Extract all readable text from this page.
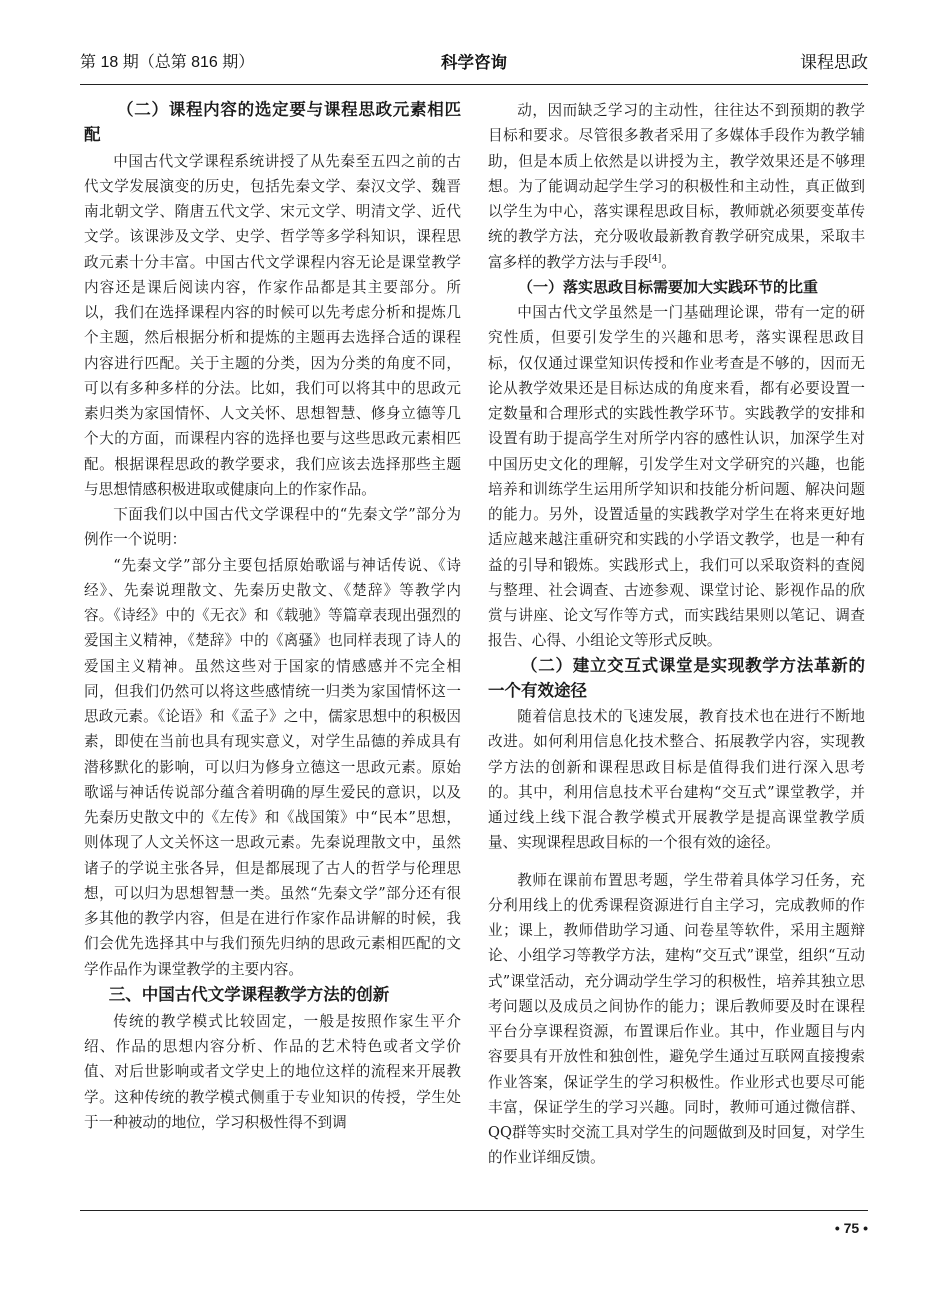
第 18 期（总第 816 期）	科学咨询	课程思政
（二）课程内容的选定要与课程思政元素相匹配

中国古代文学课程系统讲授了从先秦至五四之前的古代文学发展演变的历史，包括先秦文学、秦汉文学、魏晋南北朝文学、隋唐五代文学、宋元文学、明清文学、近代文学。该课涉及文学、史学、哲学等多学科知识，课程思政元素十分丰富。中国古代文学课程内容无论是课堂教学内容还是课后阅读内容，作家作品都是其主要部分。所以，我们在选择课程内容的时候可以先考虑分析和提炼几个主题，然后根据分析和提炼的主题再去选择合适的课程内容进行匹配。关于主题的分类，因为分类的角度不同，可以有多种多样的分法。比如，我们可以将其中的思政元素归类为家国情怀、人文关怀、思想智慧、修身立德等几个大的方面，而课程内容的选择也要与这些思政元素相匹配。根据课程思政的教学要求，我们应该去选择那些主题与思想情感积极进取或健康向上的作家作品。

下面我们以中国古代文学课程中的“先秦文学”部分为例作一个说明：

“先秦文学”部分主要包括原始歌谣与神话传说、《诗经》、先秦说理散文、先秦历史散文、《楚辞》等教学内容。《诗经》中的《无衣》和《载驰》等篇章表现出强烈的爱国主义精神，《楚辞》中的《离骚》也同样表现了诗人的爱国主义精神。虽然这些对于国家的情感感并不完全相同，但我们仍然可以将这些感情统一归类为家国情怀这一思政元素。《论语》和《孟子》之中，儒家思想中的积极因素，即使在当前也具有现实意义，对学生品德的养成具有潜移默化的影响，可以归为修身立德这一思政元素。原始歌谣与神话传说部分蕴含着明确的厚生爱民的意识，以及先秦历史散文中的《左传》和《战国策》中“民本”思想，则体现了人文关怀这一思政元素。先秦说理散文中，虽然诸子的学说主张各异，但是都展现了古人的哲学与伦理思想，可以归为思想智慧一类。虽然“先秦文学”部分还有很多其他的教学内容，但是在进行作家作品讲解的时候，我们会优先选择其中与我们预先归纳的思政元素相匹配的文学作品作为课堂教学的主要内容。

三、中国古代文学课程教学方法的创新

传统的教学模式比较固定，一般是按照作家生平介绍、作品的思想内容分析、作品的艺术特色或者文学价值、对后世影响或者文学史上的地位这样的流程来开展教学。这种传统的教学模式侧重于专业知识的传授，学生处于一种被动的地位，学习积极性得不到调

动，因而缺乏学习的主动性，往往达不到预期的教学目标和要求。尽管很多教者采用了多媒体手段作为教学辅助，但是本质上依然是以讲授为主，教学效果还是不够理想。为了能调动起学生学习的积极性和主动性，真正做到以学生为中心，落实课程思政目标，教师就必须要变革传统的教学方法，充分吸收最新教育教学研究成果，采取丰富多样的教学方法与手段[4]。

（一）落实思政目标需要加大实践环节的比重

中国古代文学虽然是一门基础理论课，带有一定的研究性质，但要引发学生的兴趣和思考，落实课程思政目标，仅仅通过课堂知识传授和作业考查是不够的，因而无论从教学效果还是目标达成的角度来看，都有必要设置一定数量和合理形式的实践性教学环节。实践教学的安排和设置有助于提高学生对所学内容的感性认识，加深学生对中国历史文化的理解，引发学生对文学研究的兴趣，也能培养和训练学生运用所学知识和技能分析问题、解决问题的能力。另外，设置适量的实践教学对学生在将来更好地适应越来越注重研究和实践的小学语文教学，也是一种有益的引导和锻炼。实践形式上，我们可以采取资料的查阅与整理、社会调查、古迹参观、课堂讨论、影视作品的欣赏与讲座、论文写作等方式，而实践结果则以笔记、调查报告、心得、小组论文等形式反映。

（二）建立交互式课堂是实现教学方法革新的一个有效途径

随着信息技术的飞速发展，教育技术也在进行不断地改进。如何利用信息化技术整合、拓展教学内容，实现教学方法的创新和课程思政目标是值得我们进行深入思考的。其中，利用信息技术平台建构“交互式”课堂教学，并通过线上线下混合教学模式开展教学是提高课堂教学质量、实现课程思政目标的一个很有效的途径。

教师在课前布置思考题，学生带着具体学习任务，充分利用线上的优秀课程资源进行自主学习，完成教师的作业；课上，教师借助学习通、问卷星等软件，采用主题辩论、小组学习等教学方法，建构“交互式”课堂，组织“互动式”课堂活动，充分调动学生学习的积极性，培养其独立思考问题以及成员之间协作的能力；课后教师要及时在课程平台分享课程资源，布置课后作业。其中，作业题目与内容要具有开放性和独创性，避免学生通过互联网直接搜索作业答案，保证学生的学习积极性。作业形式也要尽可能丰富，保证学生的学习兴趣。同时，教师可通过微信群、QQ群等实时交流工具对学生的问题做到及时回复，对学生的作业详细反馈。

• 75 •
